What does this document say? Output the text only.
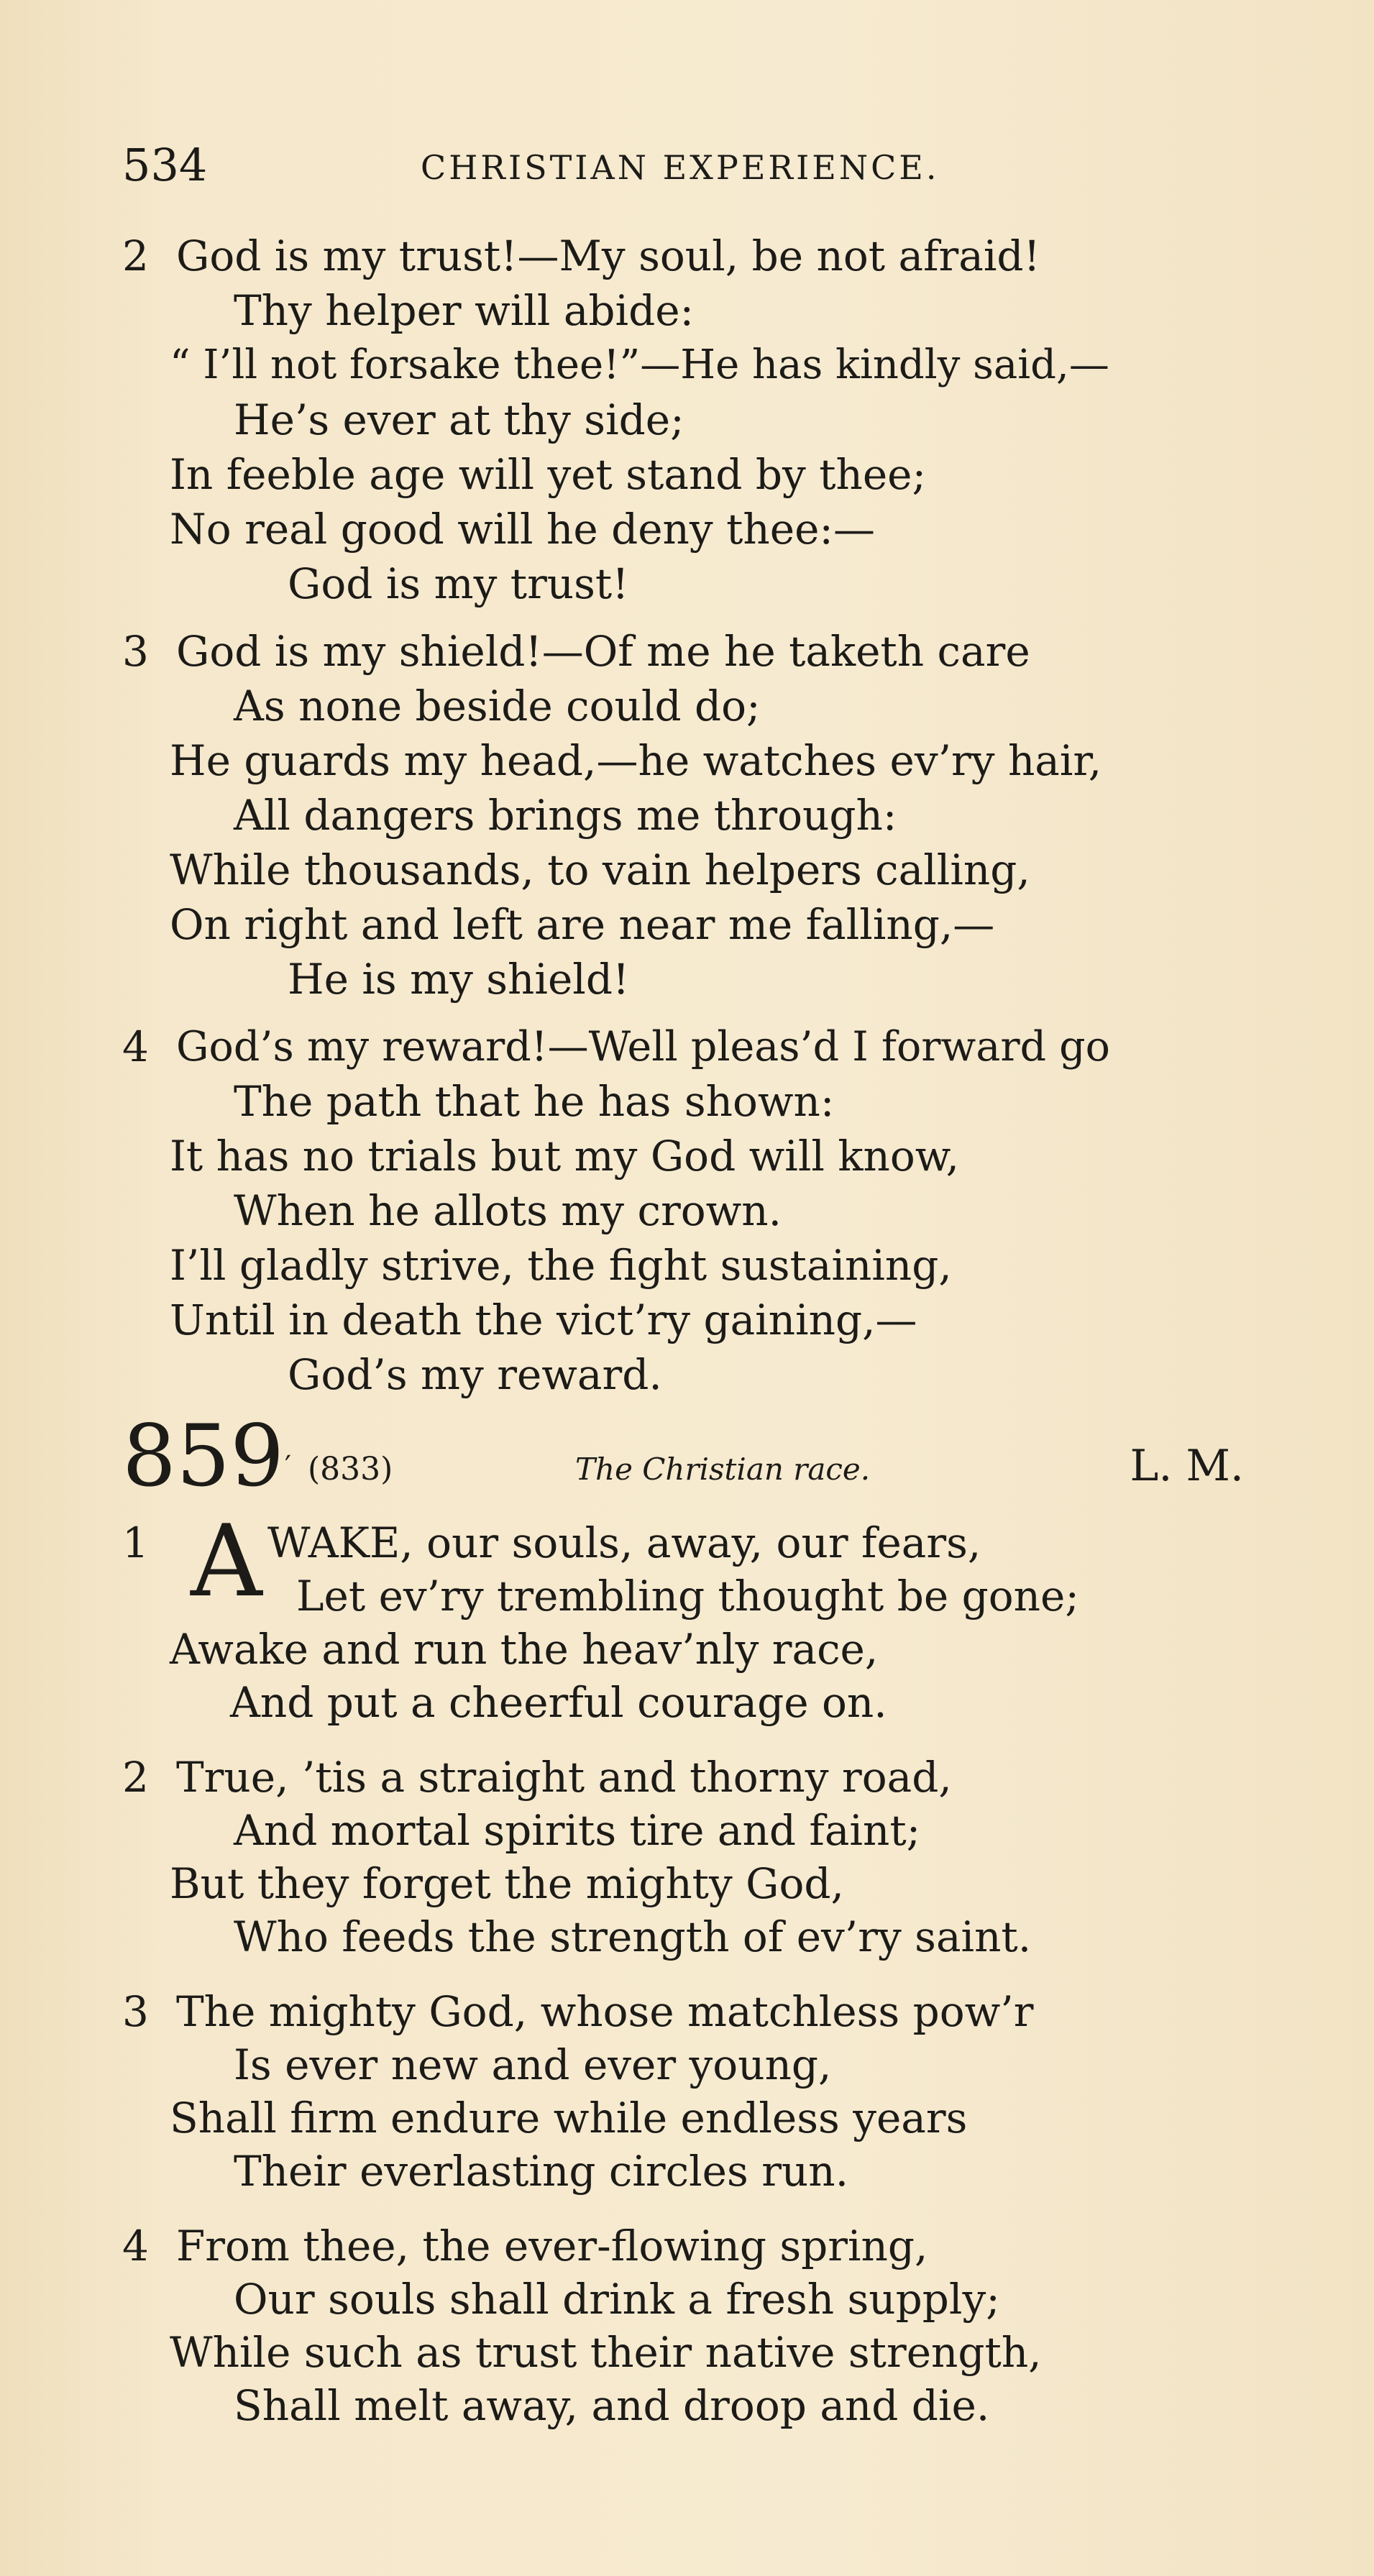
534	CHRISTIAN EXPERIENCE.
2 God is my trust!—My soul, be not afraid!
Thy helper will abide:
“ I’ll not forsake thee!”—He has kindly said,—
He’s ever at thy side;
In feeble age will yet stand by thee;
No real good will he deny thee:—
God is my trust!
3 God is my shield!—Of me he taketh care
As none beside could do;
He guards my head,—he watches ev’ry hair,
All dangers brings me through:
While thousands, to vain helpers calling,
On right and left are near me falling,—
He is my shield!
4 God’s my reward!—Well pleas’d I forward go
The path that he has shown:
It has no trials but my God will know,
When he allots my crown.
I’ll gladly strive, the fight sustaining,
Until in death the vict’ry gaining,—
God’s my reward.
859 ′ (833)	The Christian race.	L. M.
1 A WAKE, our souls, away, our fears,
Let ev’ry trembling thought be gone;
Awake and run the heav’nly race,
And put a cheerful courage on.
2 True, ’tis a straight and thorny road,
And mortal spirits tire and faint;
But they forget the mighty God,
Who feeds the strength of ev’ry saint.
3 The mighty God, whose matchless pow’r
Is ever new and ever young,
Shall firm endure while endless years
Their everlasting circles run.
4 From thee, the ever-flowing spring,
Our souls shall drink a fresh supply;
While such as trust their native strength,
Shall melt away, and droop and die.
